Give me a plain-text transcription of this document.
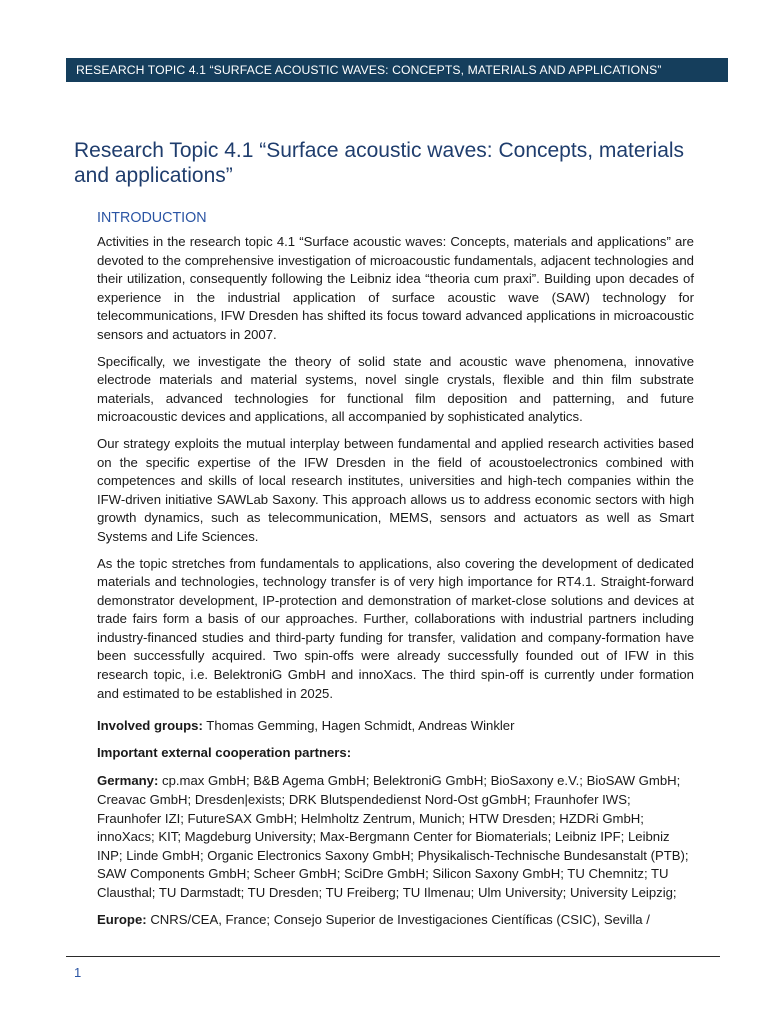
RESEARCH TOPIC 4.1 “SURFACE ACOUSTIC WAVES: CONCEPTS, MATERIALS AND APPLICATIONS”
Research Topic 4.1 “Surface acoustic waves: Concepts, materials and applications”
INTRODUCTION

Activities in the research topic 4.1 “Surface acoustic waves: Concepts, materials and applications” are devoted to the comprehensive investigation of microacoustic fundamentals, adjacent technologies and their utilization, consequently following the Leibniz idea “theoria cum praxi”. Building upon decades of experience in the industrial application of surface acoustic wave (SAW) technology for telecommunications, IFW Dresden has shifted its focus toward advanced applications in microacoustic sensors and actuators in 2007.

Specifically, we investigate the theory of solid state and acoustic wave phenomena, innovative electrode materials and material systems, novel single crystals, flexible and thin film substrate materials, advanced technologies for functional film deposition and patterning, and future microacoustic devices and applications, all accompanied by sophisticated analytics.

Our strategy exploits the mutual interplay between fundamental and applied research activities based on the specific expertise of the IFW Dresden in the field of acoustoelectronics combined with competences and skills of local research institutes, universities and high-tech companies within the IFW-driven initiative SAWLab Saxony. This approach allows us to address economic sectors with high growth dynamics, such as telecommunication, MEMS, sensors and actuators as well as Smart Systems and Life Sciences.

As the topic stretches from fundamentals to applications, also covering the development of dedicated materials and technologies, technology transfer is of very high importance for RT4.1. Straight-forward demonstrator development, IP-protection and demonstration of market-close solutions and devices at trade fairs form a basis of our approaches. Further, collaborations with industrial partners including industry-financed studies and third-party funding for transfer, validation and company-formation have been successfully acquired. Two spin-offs were already successfully founded out of IFW in this research topic, i.e. BelektroniG GmbH and innoXacs. The third spin-off is currently under formation and estimated to be established in 2025.

Involved groups: Thomas Gemming, Hagen Schmidt, Andreas Winkler

Important external cooperation partners:

Germany: cp.max GmbH; B&B Agema GmbH; BelektroniG GmbH; BioSaxony e.V.; BioSAW GmbH; Creavac GmbH; Dresden|exists; DRK Blutspendedienst Nord-Ost gGmbH; Fraunhofer IWS; Fraunhofer IZI; FutureSAX GmbH; Helmholtz Zentrum, Munich; HTW Dresden; HZDRi GmbH; innoXacs; KIT; Magdeburg University; Max-Bergmann Center for Biomaterials; Leibniz IPF; Leibniz INP; Linde GmbH; Organic Electronics Saxony GmbH; Physikalisch-Technische Bundesanstalt (PTB); SAW Components GmbH; Scheer GmbH; SciDre GmbH; Silicon Saxony GmbH; TU Chemnitz; TU Clausthal; TU Darmstadt; TU Dresden; TU Freiberg; TU Ilmenau; Ulm University; University Leipzig;

Europe: CNRS/CEA, France; Consejo Superior de Investigaciones Científicas (CSIC), Sevilla /

1
